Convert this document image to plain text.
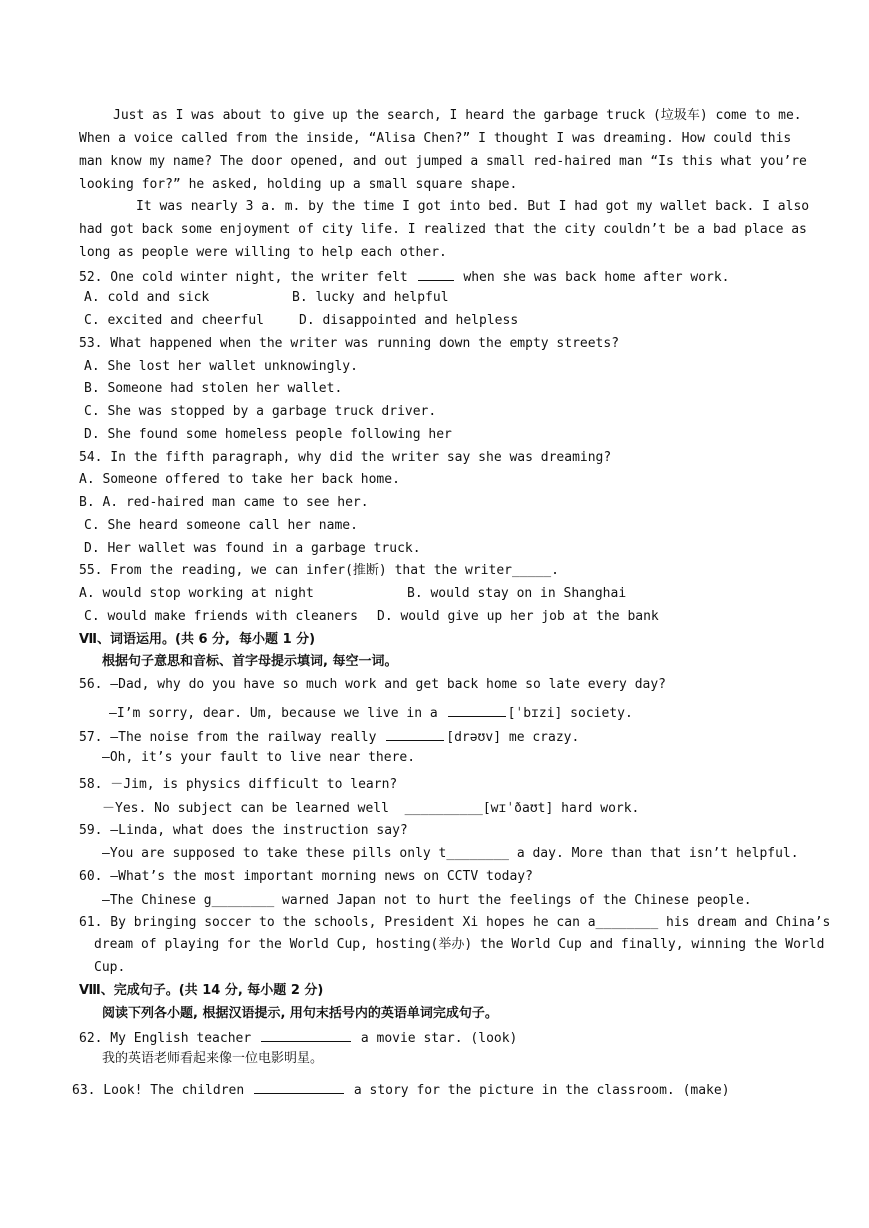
Just as I was about to give up the search, I heard the garbage truck (垃圾车) come to me.
When a voice called from the inside, “Alisa Chen?” I thought I was dreaming. How could this
man know my name? The door opened, and out jumped a small red-haired man “Is this what you’re
looking for?” he asked, holding up a small square shape.
It was nearly 3 a. m. by the time I got into bed. But I had got my wallet back. I also
had got back some enjoyment of city life. I realized that the city couldn’t be a bad place as
long as people were willing to help each other.
52. One cold winter night, the writer felt	when she was back home after work.
A. cold and sick	B. lucky and helpful
C. excited and cheerful	D. disappointed and helpless
53. What happened when the writer was running down the empty streets?
A. She lost her wallet unknowingly.
B. Someone had stolen her wallet.
C. She was stopped by a garbage truck driver.
D. She found some homeless people following her
54. In the fifth paragraph, why did the writer say she was dreaming?
A. Someone offered to take her back home.
B. A. red-haired man came to see her.
C. She heard someone call her name.
D. Her wallet was found in a garbage truck.
55. From the reading, we can infer(推断) that the writer_____.
A. would stop working at night	B. would stay on in Shanghai
C. would make friends with cleaners D. would give up her job at the bank
Ⅶ、词语运用。(共 6 分,  每小题 1 分)
根据句子意思和音标、首字母提示填词, 每空一词。
56. —Dad, why do you have so much work and get back home so late every day?
—I’m sorry, dear. Um, because we live in a	[ˈbɪzi] society.
57. —The noise from the railway really	[drəʊv] me crazy.
—Oh, it’s your fault to live near there.
58. －Jim, is physics difficult to learn?
－Yes. No subject can be learned well  __________[wɪˈðaʊt] hard work.
59. —Linda, what does the instruction say?
—You are supposed to take these pills only t________ a day. More than that isn’t helpful.
60. —What’s the most important morning news on CCTV today?
—The Chinese g________ warned Japan not to hurt the feelings of the Chinese people.
61. By bringing soccer to the schools, President Xi hopes he can a________ his dream and China’s
dream of playing for the World Cup, hosting(举办) the World Cup and finally, winning the World
Cup.
Ⅷ、完成句子。(共 14 分, 每小题 2 分)
阅读下列各小题, 根据汉语提示, 用句末括号内的英语单词完成句子。
62. My English teacher	a movie star. (look)
我的英语老师看起来像一位电影明星。
63. Look! The children	a story for the picture in the classroom. (make)
